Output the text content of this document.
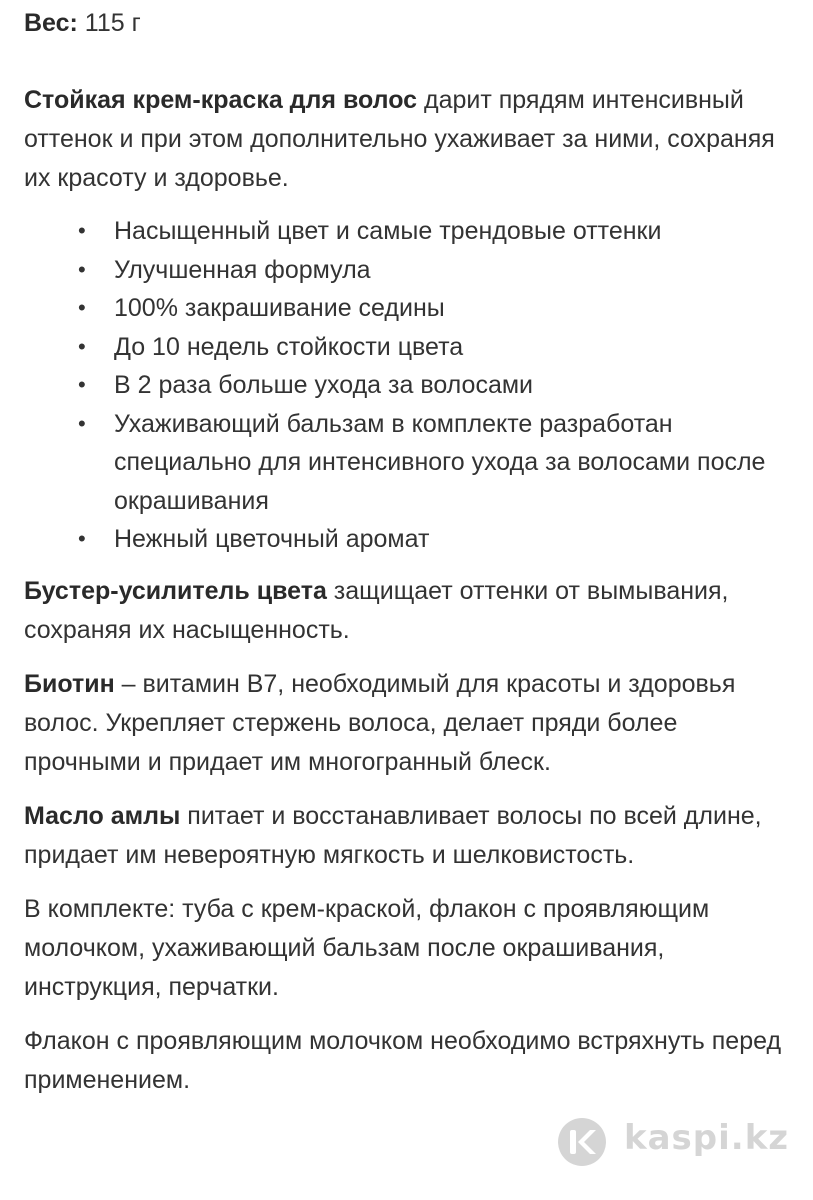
Вес: 115 г

Стойкая крем-краска для волос дарит прядям интенсивный оттенок и при этом дополнительно ухаживает за ними, сохраняя их красоту и здоровье.

• Насыщенный цвет и самые трендовые оттенки
• Улучшенная формула
• 100% закрашивание седины
• До 10 недель стойкости цвета
• В 2 раза больше ухода за волосами
• Ухаживающий бальзам в комплекте разработан специально для интенсивного ухода за волосами после окрашивания
• Нежный цветочный аромат

Бустер-усилитель цвета защищает оттенки от вымывания, сохраняя их насыщенность.

Биотин – витамин В7, необходимый для красоты и здоровья волос. Укрепляет стержень волоса, делает пряди более прочными и придает им многогранный блеск.

Масло амлы питает и восстанавливает волосы по всей длине, придает им невероятную мягкость и шелковистость.

В комплекте: туба с крем-краской, флакон с проявляющим молочком, ухаживающий бальзам после окрашивания, инструкция, перчатки.

Флакон с проявляющим молочком необходимо встряхнуть перед применением.

kaspi.kz
